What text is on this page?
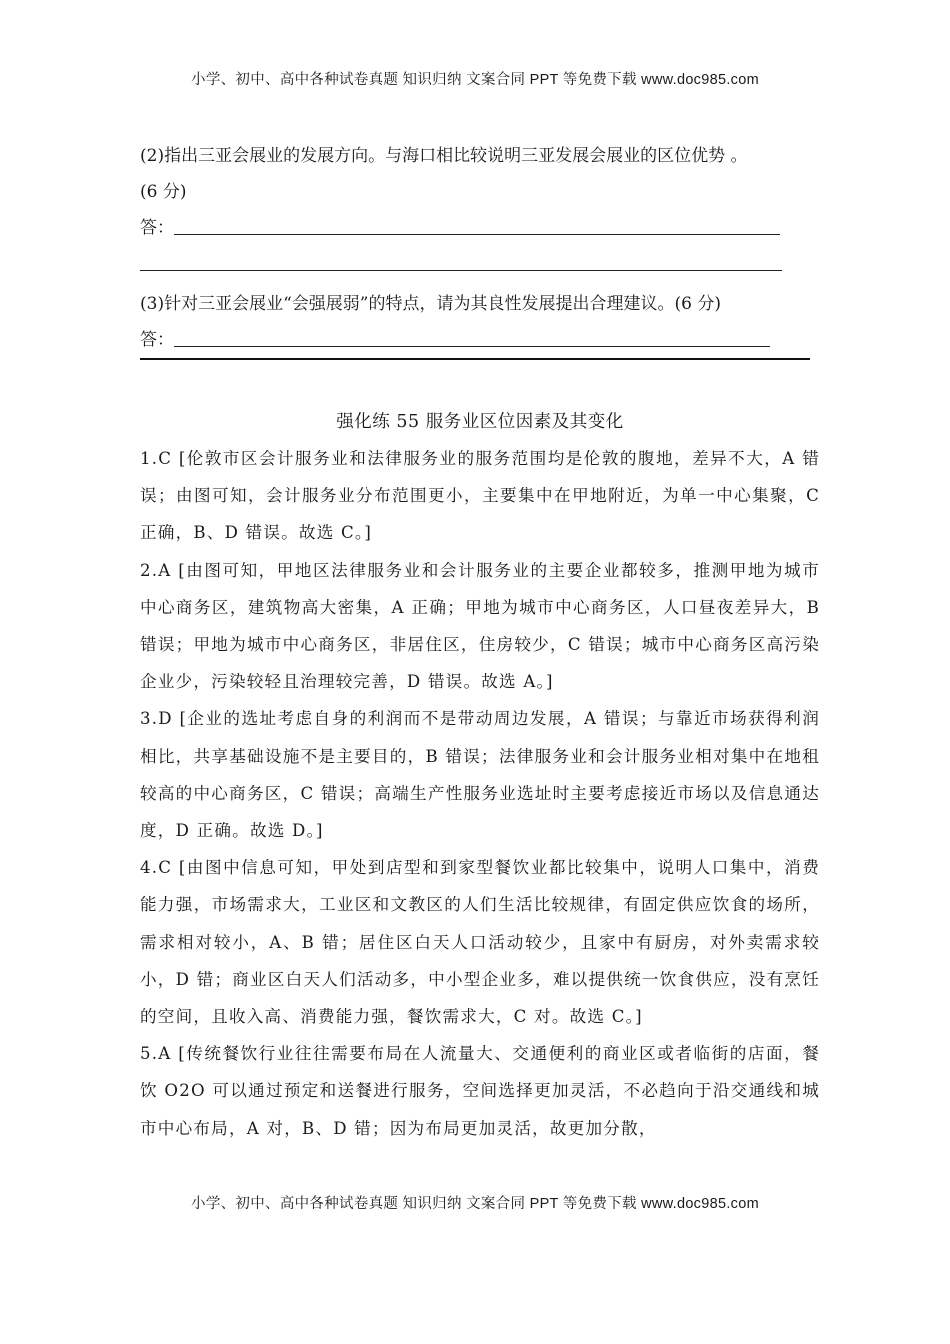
小学、初中、高中各种试卷真题 知识归纳 文案合同 PPT 等免费下载 www.doc985.com
(2)指出三亚会展业的发展方向。与海口相比较说明三亚发展会展业的区位优势 。
(6 分)
答：
(3)针对三亚会展业“会强展弱”的特点，请为其良性发展提出合理建议。(6 分)
答：
强化练 55 服务业区位因素及其变化
1.C [伦敦市区会计服务业和法律服务业的服务范围均是伦敦的腹地，差异不大，A 错误；由图可知，会计服务业分布范围更小，主要集中在甲地附近，为单一中心集聚，C 正确，B、D 错误。故选 C。]
2.A [由图可知，甲地区法律服务业和会计服务业的主要企业都较多，推测甲地为城市中心商务区，建筑物高大密集，A 正确；甲地为城市中心商务区，人口昼夜差异大，B 错误；甲地为城市中心商务区，非居住区，住房较少，C 错误；城市中心商务区高污染企业少，污染较轻且治理较完善，D 错误。故选 A。]
3.D [企业的选址考虑自身的利润而不是带动周边发展，A 错误；与靠近市场获得利润相比，共享基础设施不是主要目的，B 错误；法律服务业和会计服务业相对集中在地租较高的中心商务区，C 错误；高端生产性服务业选址时主要考虑接近市场以及信息通达度，D 正确。故选 D。]
4.C [由图中信息可知，甲处到店型和到家型餐饮业都比较集中，说明人口集中，消费能力强，市场需求大，工业区和文教区的人们生活比较规律，有固定供应饮食的场所，需求相对较小，A、B 错；居住区白天人口活动较少，且家中有厨房，对外卖需求较小，D 错；商业区白天人们活动多，中小型企业多，难以提供统一饮食供应，没有烹饪的空间，且收入高、消费能力强，餐饮需求大，C 对。故选 C。]
5.A [传统餐饮行业往往需要布局在人流量大、交通便利的商业区或者临街的店面，餐饮 O2O 可以通过预定和送餐进行服务，空间选择更加灵活，不必趋向于沿交通线和城市中心布局，A 对，B、D 错；因为布局更加灵活，故更加分散，
小学、初中、高中各种试卷真题 知识归纳 文案合同 PPT 等免费下载 www.doc985.com
